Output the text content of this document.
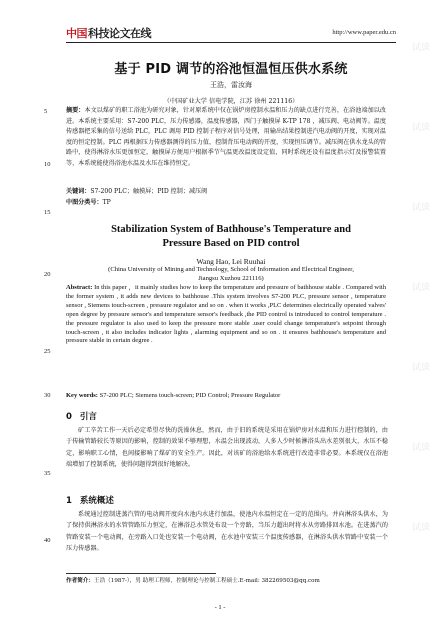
中国 科技论文在线	http://www.paper.edu.cn
5
10
15
20
25
30
35
40
基于 PID 调节的浴池恒温恒压供水系统
王浩，雷汝海
（中国矿业大学 信电学院，江苏 徐州 221116）
摘要：本文以煤矿的职工浴池为研究对象，针对原系统中仅在锅炉房控制水温和压力的缺点进行完善，在浴池端加以改进。本系统主要采用：S7-200 PLC，压力传感器，温度传感器，西门子触摸屏 K-TP 178 ，减压阀、电动阀等。温度传感器把采集的信号送给 PLC，PLC 调用 PID 控制子程序对信号处理，用输出结果控制进汽电动阀的开度，实现对温度的恒定控制。PLC 再根据压力传感器测得的压力值，控制背压电动阀的开度，实现恒压调节。减压阀在供水龙头的管路中，使得淋浴水压更加恒定，触摸屏方便用户根据季节气温更改温度设定值，同时系统还设有温度指示灯及报警装置等，本系统能使得浴池水温及水压在维持恒定。
关键词：S7-200 PLC；触摸屏；PID 控制；减压阀
中图分类号：TP
Stabilization System of Bathhouse's Temperature and
Pressure Based on PID control
Wang Hao, Lei Ruuhai
(China University of Mining and Technology, School of Information and Electrical Engineer,
Jiangsu Xuzhou 221116)
Abstract: In this paper ，it mainly studies how to keep the temperature and pressure of bathhouse stable . Compared with the former system , it adds new devices to bathhouse .This system involves S7-200 PLC, pressure sensor , temperature sensor , Siemens touch-screen , pressure regulator and so on . when it works ,PLC determines electrically operated valves' open degree by pressure sensor's and temperature sensor's feedback ,the PID control is introduced to control temperature . the pressure regulator is also used to keep the pressure more stable .user could change temperature's setpoint through touch-screen , it also includes indicator lights , alarming equipment and so on . it ensures bathhouse's temperature and pressure stable in certain degree .
Key words: S7-200 PLC; Siemens touch-screen; PID Control; Pressure Regulator
0 引言
矿工辛苦工作一天后必定希望尽快的洗澡休息，然而，由于旧的系统是采用在锅炉房对水温和压力进行控制的，由于传输管路较长等原因的影响，控制的效果不够理想，水温会出现波动，人多人少时候淋浴头出水差别很大，水压不稳定，影响职工心情，也间接影响了煤矿的安全生产。因此，对该矿的浴池给水系统进行改造非常必要。本系统仅在浴池端增加了控制系统，使得问题得到很好地解决。
1 系统概述
系统通过控制进蒸汽管的电动阀开度向水池内水进行加温，使池内水温恒定在一定的范围内。并向淋浴头供水，为了保持供淋浴水的水管管路压力恒定，在淋浴总水管处布设一个旁路，当压力超出时将水从旁路排回水池。在进蒸汽的管路安装一个电动阀，在旁路入口处也安装一个电动阀，在水池中安装三个温度传感器，在淋浴头供水管路中安装一个压力传感器。
作者简介：王浩（1987-），男 助理工程师，控制理论与控制工程硕士.E-mail: 382269503@qq.com
- 1 -
试读
试读
试读
试读
试读
试读
试读
